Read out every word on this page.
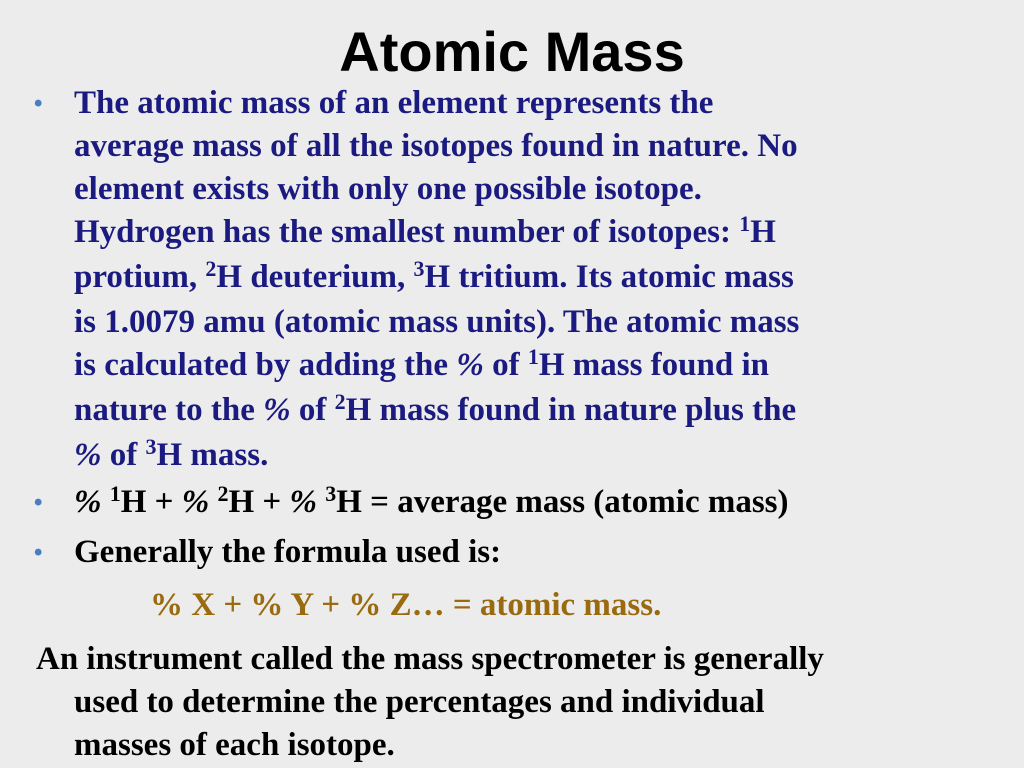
Atomic Mass
• The atomic mass of an element represents the
average mass of all the isotopes found in nature. No
element exists with only one possible isotope.
Hydrogen has the smallest number of isotopes: $^1$H
protium, $^2$H deuterium, $^3$H tritium. Its atomic mass
is 1.0079 amu (atomic mass units). The atomic mass
is calculated by adding the % of $^1$H mass found in
nature to the % of $^2$H mass found in nature plus the
% of $^3$H mass.
• % $^1$H + % $^2$H + % $^3$H = average mass (atomic mass)
• Generally the formula used is:
% X + % Y + % Z… = atomic mass.
An instrument called the mass spectrometer is generally
used to determine the percentages and individual
masses of each isotope.
